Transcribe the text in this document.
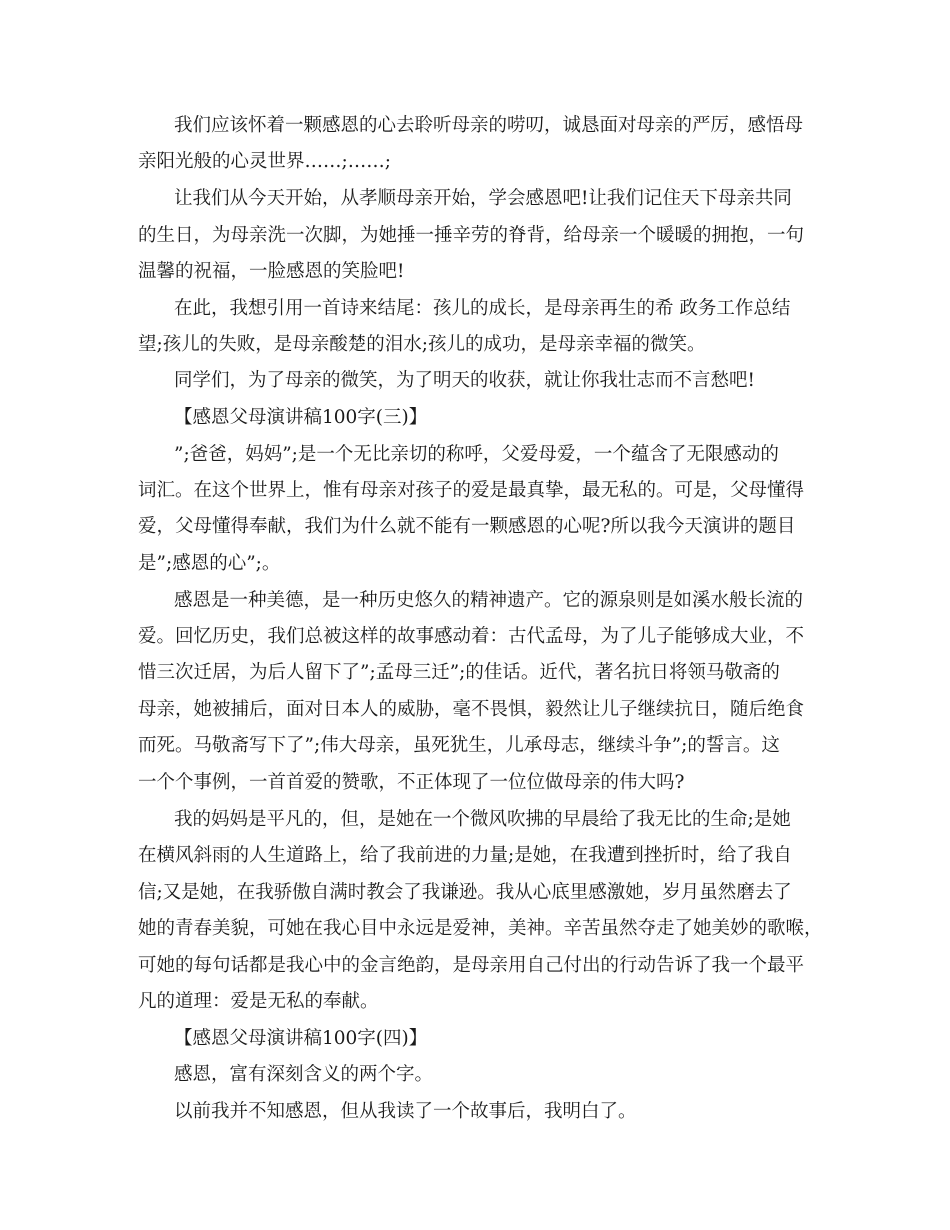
我们应该怀着一颗感恩的心去聆听母亲的唠叨，诚恳面对母亲的严厉，感悟母
亲阳光般的心灵世界……;……;
让我们从今天开始，从孝顺母亲开始，学会感恩吧!让我们记住天下母亲共同
的生日，为母亲洗一次脚，为她捶一捶辛劳的脊背，给母亲一个暖暖的拥抱，一句
温馨的祝福，一脸感恩的笑脸吧!
在此，我想引用一首诗来结尾：孩儿的成长，是母亲再生的希 政务工作总结
望;孩儿的失败，是母亲酸楚的泪水;孩儿的成功，是母亲幸福的微笑。
同学们，为了母亲的微笑，为了明天的收获，就让你我壮志而不言愁吧!
【感恩父母演讲稿100字(三)】
”;爸爸，妈妈”;是一个无比亲切的称呼，父爱母爱，一个蕴含了无限感动的
词汇。在这个世界上，惟有母亲对孩子的爱是最真挚，最无私的。可是，父母懂得
爱，父母懂得奉献，我们为什么就不能有一颗感恩的心呢?所以我今天演讲的题目
是”;感恩的心”;。
感恩是一种美德，是一种历史悠久的精神遗产。它的源泉则是如溪水般长流的
爱。回忆历史，我们总被这样的故事感动着：古代孟母，为了儿子能够成大业，不
惜三次迁居，为后人留下了”;孟母三迁”;的佳话。近代，著名抗日将领马敬斋的
母亲，她被捕后，面对日本人的威胁，毫不畏惧，毅然让儿子继续抗日，随后绝食
而死。马敬斋写下了”;伟大母亲，虽死犹生，儿承母志，继续斗争”;的誓言。这
一个个事例，一首首爱的赞歌，不正体现了一位位做母亲的伟大吗?
我的妈妈是平凡的，但，是她在一个微风吹拂的早晨给了我无比的生命;是她
在横风斜雨的人生道路上，给了我前进的力量;是她，在我遭到挫折时，给了我自
信;又是她，在我骄傲自满时教会了我谦逊。我从心底里感激她，岁月虽然磨去了
她的青春美貌，可她在我心目中永远是爱神，美神。辛苦虽然夺走了她美妙的歌喉，
可她的每句话都是我心中的金言绝韵，是母亲用自己付出的行动告诉了我一个最平
凡的道理：爱是无私的奉献。
【感恩父母演讲稿100字(四)】
感恩，富有深刻含义的两个字。
以前我并不知感恩，但从我读了一个故事后，我明白了。
